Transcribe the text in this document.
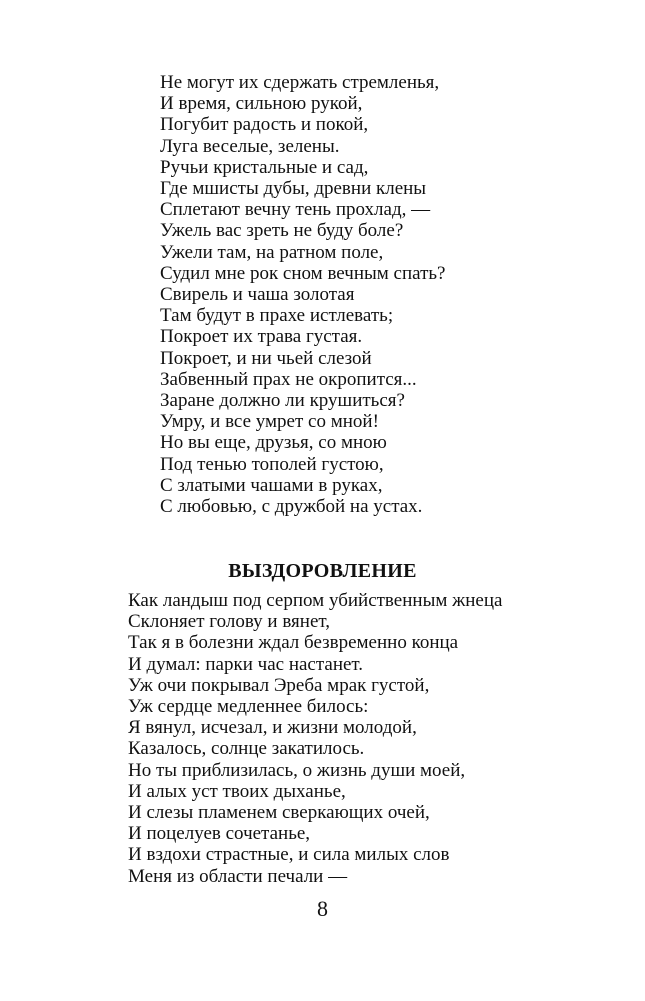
Не могут их сдержать стремленья,
И время, сильною рукой,
Погубит радость и покой,
Луга веселые, зелены.
Ручьи кристальные и сад,
Где мшисты дубы, древни клены
Сплетают вечну тень прохлад, —
Ужель вас зреть не буду боле?
Ужели там, на ратном поле,
Судил мне рок сном вечным спать?
Свирель и чаша золотая
Там будут в прахе истлевать;
Покроет их трава густая.
Покроет, и ни чьей слезой
Забвенный прах не окропится...
Заране должно ли крушиться?
Умру, и все умрет со мной!
Но вы еще, друзья, со мною
Под тенью тополей густою,
С златыми чашами в руках,
С любовью, с дружбой на устах.
ВЫЗДОРОВЛЕНИЕ
Как ландыш под серпом убийственным жнеца
Склоняет голову и вянет,
Так я в болезни ждал безвременно конца
И думал: парки час настанет.
Уж очи покрывал Эреба мрак густой,
Уж сердце медленнее билось:
Я вянул, исчезал, и жизни молодой,
Казалось, солнце закатилось.
Но ты приблизилась, о жизнь души моей,
И алых уст твоих дыханье,
И слезы пламенем сверкающих очей,
И поцелуев сочетанье,
И вздохи страстные, и сила милых слов
Меня из области печали —

8
